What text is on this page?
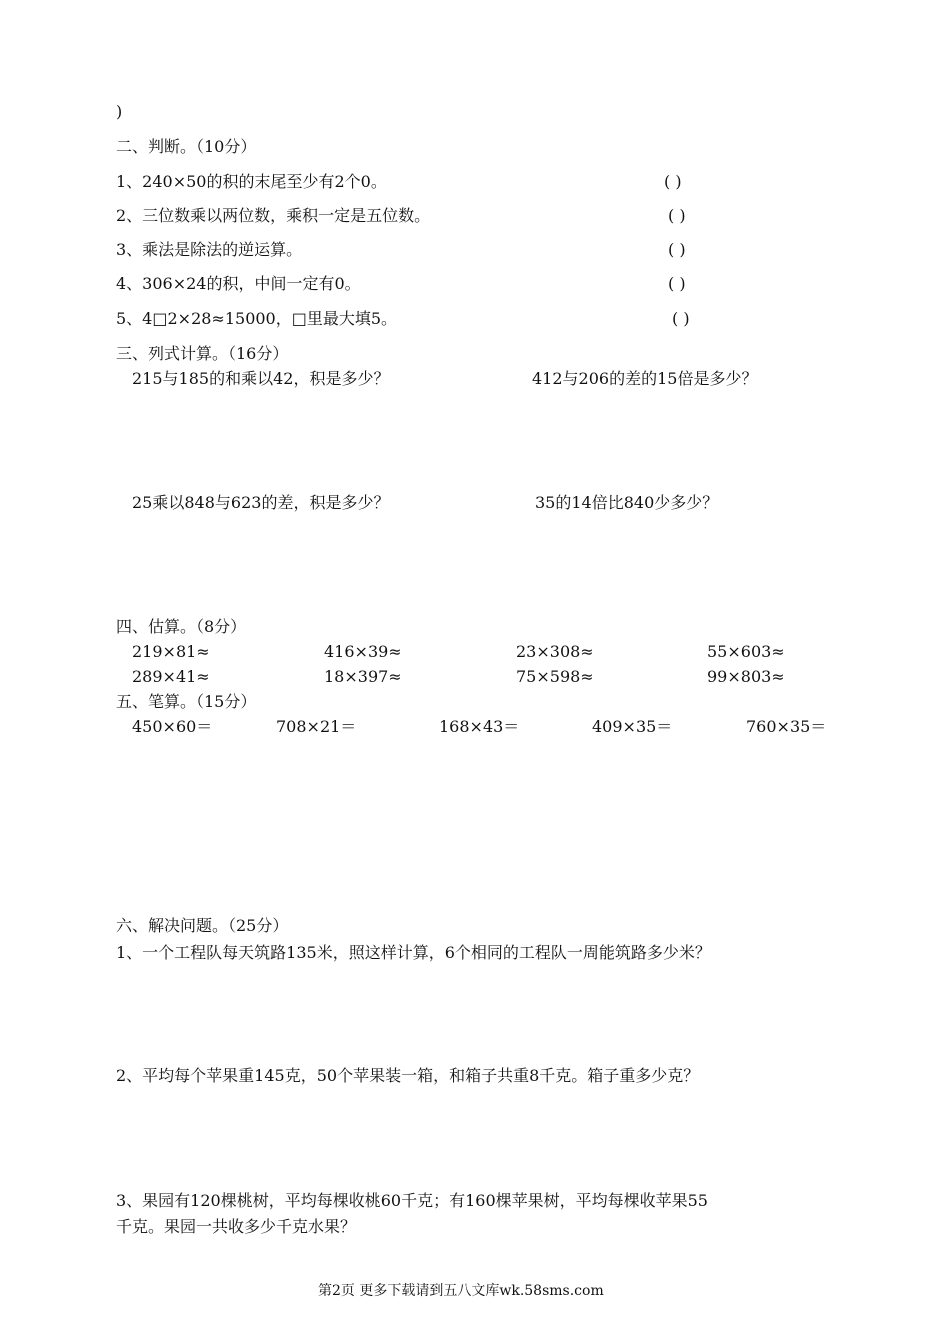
)
二、判断。（10分）
1、240×50的积的末尾至少有2个0。	( )
2、三位数乘以两位数，乘积一定是五位数。	( )
3、乘法是除法的逆运算。	( )
4、306×24的积，中间一定有0。	( )
5、4□2×28≈15000，□里最大填5。	( )
三、列式计算。（16分）
215与185的和乘以42，积是多少？	412与206的差的15倍是多少？
25乘以848与623的差，积是多少？	35的14倍比840少多少？
四、估算。（8分）
219×81≈	416×39≈	23×308≈	55×603≈
289×41≈	18×397≈	75×598≈	99×803≈
五、笔算。（15分）
450×60＝	708×21＝	168×43＝	409×35＝	760×35＝
六、解决问题。（25分）
1、一个工程队每天筑路135米，照这样计算，6个相同的工程队一周能筑路多少米？
2、平均每个苹果重145克，50个苹果装一箱，和箱子共重8千克。箱子重多少克？
3、果园有120棵桃树，平均每棵收桃60千克；有160棵苹果树，平均每棵收苹果55
千克。果园一共收多少千克水果？
第2页 更多下载请到五八文库wk.58sms.com
